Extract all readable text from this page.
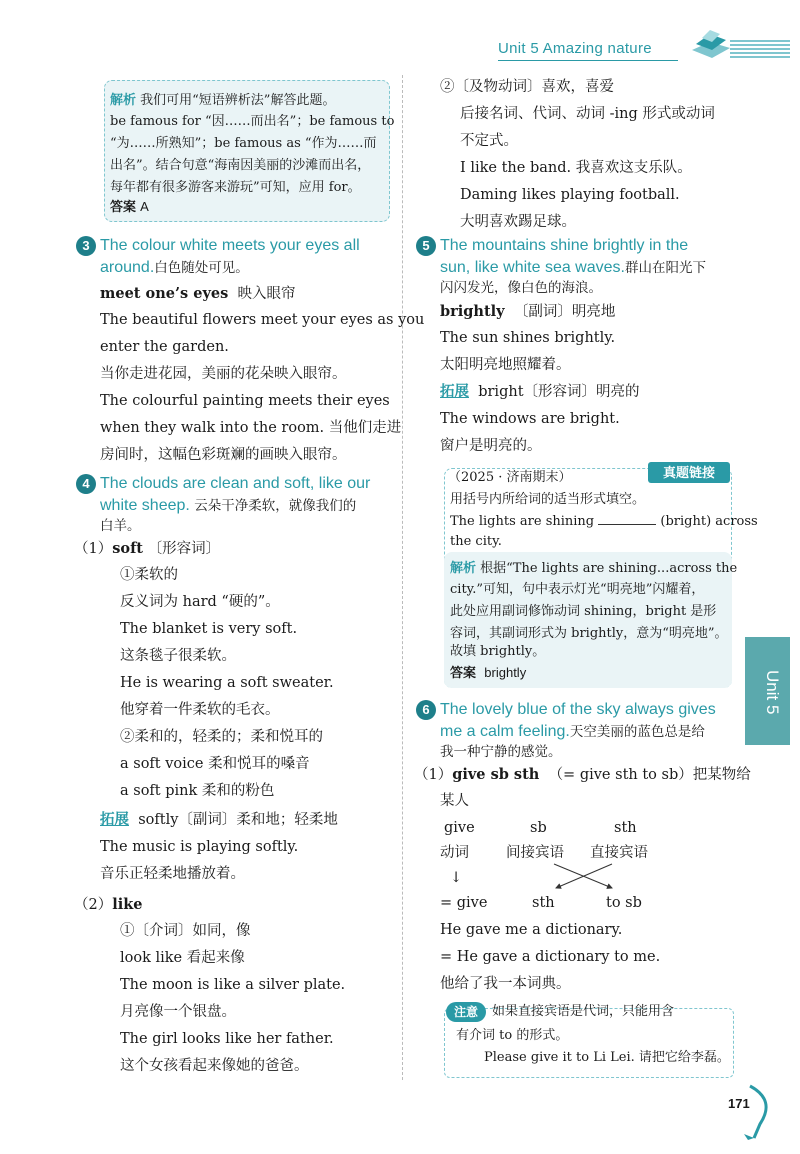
Unit 5 Amazing nature
解析 我们可用“短语辨析法”解答此题。
be famous for “因……而出名”；be famous to
“为……所熟知”；be famous as “作为……而
出名”。结合句意“海南因美丽的沙滩而出名，
每年都有很多游客来游玩”可知，应用 for。
答案 A
3 The colour white meets your eyes all
around.白色随处可见。
meet one’s eyes 映入眼帘
The beautiful flowers meet your eyes as you
enter the garden.
当你走进花园，美丽的花朵映入眼帘。
The colourful painting meets their eyes
when they walk into the room. 当他们走进
房间时，这幅色彩斑斓的画映入眼帘。
4 The clouds are clean and soft, like our
white sheep. 云朵干净柔软，就像我们的
白羊。
（1）soft 〔形容词〕
①柔软的
反义词为 hard “硬的”。
The blanket is very soft.
这条毯子很柔软。
He is wearing a soft sweater.
他穿着一件柔软的毛衣。
②柔和的，轻柔的；柔和悦耳的
a soft voice 柔和悦耳的嗓音
a soft pink 柔和的粉色
拓展 softly〔副词〕柔和地；轻柔地
The music is playing softly.
音乐正轻柔地播放着。
（2）like
①〔介词〕如同，像
look like 看起来像
The moon is like a silver plate.
月亮像一个银盘。
The girl looks like her father.
这个女孩看起来像她的爸爸。
②〔及物动词〕喜欢，喜爱
后接名词、代词、动词 -ing 形式或动词
不定式。
I like the band. 我喜欢这支乐队。
Daming likes playing football.
大明喜欢踢足球。
5 The mountains shine brightly in the
sun, like white sea waves.群山在阳光下
闪闪发光，像白色的海浪。
brightly 〔副词〕明亮地
The sun shines brightly.
太阳明亮地照耀着。
拓展 bright〔形容词〕明亮的
The windows are bright.
窗户是明亮的。
真题链接
（2025 · 济南期末）
用括号内所给词的适当形式填空。
The lights are shining	(bright) across
the city.
解析 根据“The lights are shining...across the
city.”可知，句中表示灯光“明亮地”闪耀着，
此处应用副词修饰动词 shining，bright 是形
容词，其副词形式为 brightly，意为“明亮地”。
故填 brightly。
答案 brightly
6 The lovely blue of the sky always gives
me a calm feeling.天空美丽的蓝色总是给
我一种宁静的感觉。
（1）give sb sth （= give sth to sb）把某物给
某人
give	sb	sth
动词	间接宾语 直接宾语
↓
= give	sth	to sb
He gave me a dictionary.
= He gave a dictionary to me.
他给了我一本词典。
注意	如果直接宾语是代词，只能用含
有介词 to 的形式。
Please give it to Li Lei. 请把它给李磊。
Unit 5
171
